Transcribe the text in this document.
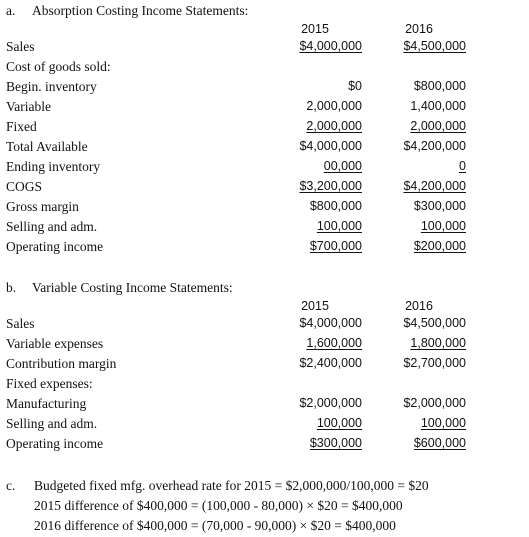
a. Absorption Costing Income Statements:
2015	2016
Sales	$4,000,000	$4,500,000
Cost of goods sold:
Begin. inventory	$0	$800,000
Variable	2,000,000	1,400,000
Fixed	2,000,000	2,000,000
Total Available	$4,000,000	$4,200,000
Ending inventory	00,000	0
COGS	$3,200,000	$4,200,000
Gross margin	$800,000	$300,000
Selling and adm.	100,000	100,000
Operating income	$700,000	$200,000
b. Variable Costing Income Statements:
2015	2016
Sales	$4,000,000	$4,500,000
Variable expenses	1,600,000	1,800,000
Contribution margin	$2,400,000	$2,700,000
Fixed expenses:
Manufacturing	$2,000,000	$2,000,000
Selling and adm.	100,000	100,000
Operating income	$300,000	$600,000
c.	Budgeted fixed mfg. overhead rate for 2015 = $2,000,000/100,000 = $20
2015 difference of $400,000 = (100,000 - 80,000) × $20 = $400,000
2016 difference of $400,000 = (70,000 - 90,000) × $20 = $400,000
